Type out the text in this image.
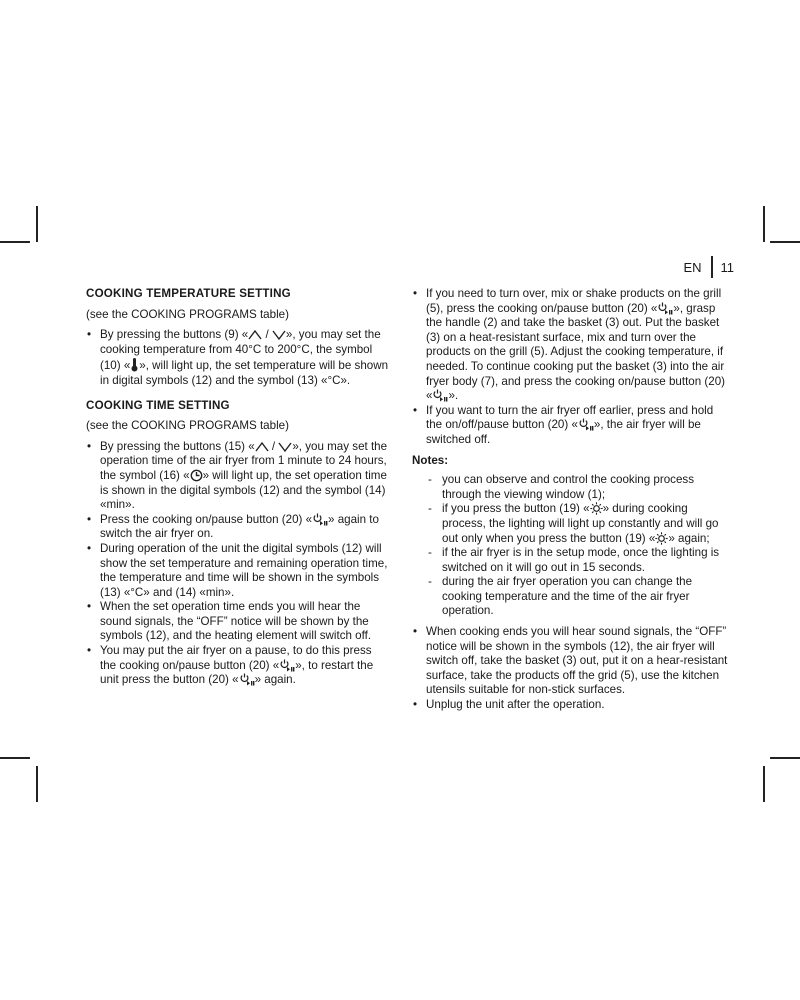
EN 11
COOKING TEMPERATURE SETTING

(see the COOKING PROGRAMS table)

• By pressing the buttons (9) «
/
», you may set the cooking temperature from 40°C to 200°C, the symbol (10) « », will light up, the set temperature will be shown in digital symbols (12) and the symbol (13) «°C».
COOKING TIME SETTING

(see the COOKING PROGRAMS table)

• By pressing the buttons (15) «
/
», you may set the operation time of the air fryer from 1 minute to 24 hours, the symbol (16) « » will light up, the set operation time is shown in the digital symbols (12) and the symbol (14) «min».
• Press the cooking on/pause button (20) « » again to switch the air fryer on.
• During operation of the unit the digital symbols (12) will show the set temperature and remaining operation time, the temperature and time will be shown in the symbols (13) «°C» and (14) «min».
• When the set operation time ends you will hear the sound signals, the “OFF” notice will be shown by the symbols (12), and the heating element will switch off.
• You may put the air fryer on a pause, to do this press the cooking on/pause button (20) « », to restart the unit press the button (20) « » again.
• If you need to turn over, mix or shake products on the grill (5), press the cooking on/pause button (20) « », grasp the handle (2) and take the basket (3) out. Put the basket (3) on a heat-resistant surface, mix and turn over the products on the grill (5). Adjust the cooking temperature, if needed. To continue cooking put the basket (3) into the air fryer body (7), and press the cooking on/pause button (20) « ».
• If you want to turn the air fryer off earlier, press and hold the on/off/pause button (20) « », the air fryer will be switched off.
Notes:
- you can observe and control the cooking process through the viewing window (1);
- if you press the button (19) « » during cooking process, the lighting will light up constantly and will go out only when you press the button (19) « » again;
- if the air fryer is in the setup mode, once the lighting is switched on it will go out in 15 seconds.
- during the air fryer operation you can change the cooking temperature and the time of the air fryer operation.
• When cooking ends you will hear sound signals, the “OFF” notice will be shown in the symbols (12), the air fryer will switch off, take the basket (3) out, put it on a hear-resistant surface, take the products off the grid (5), use the kitchen utensils suitable for non-stick surfaces.
• Unplug the unit after the operation.
